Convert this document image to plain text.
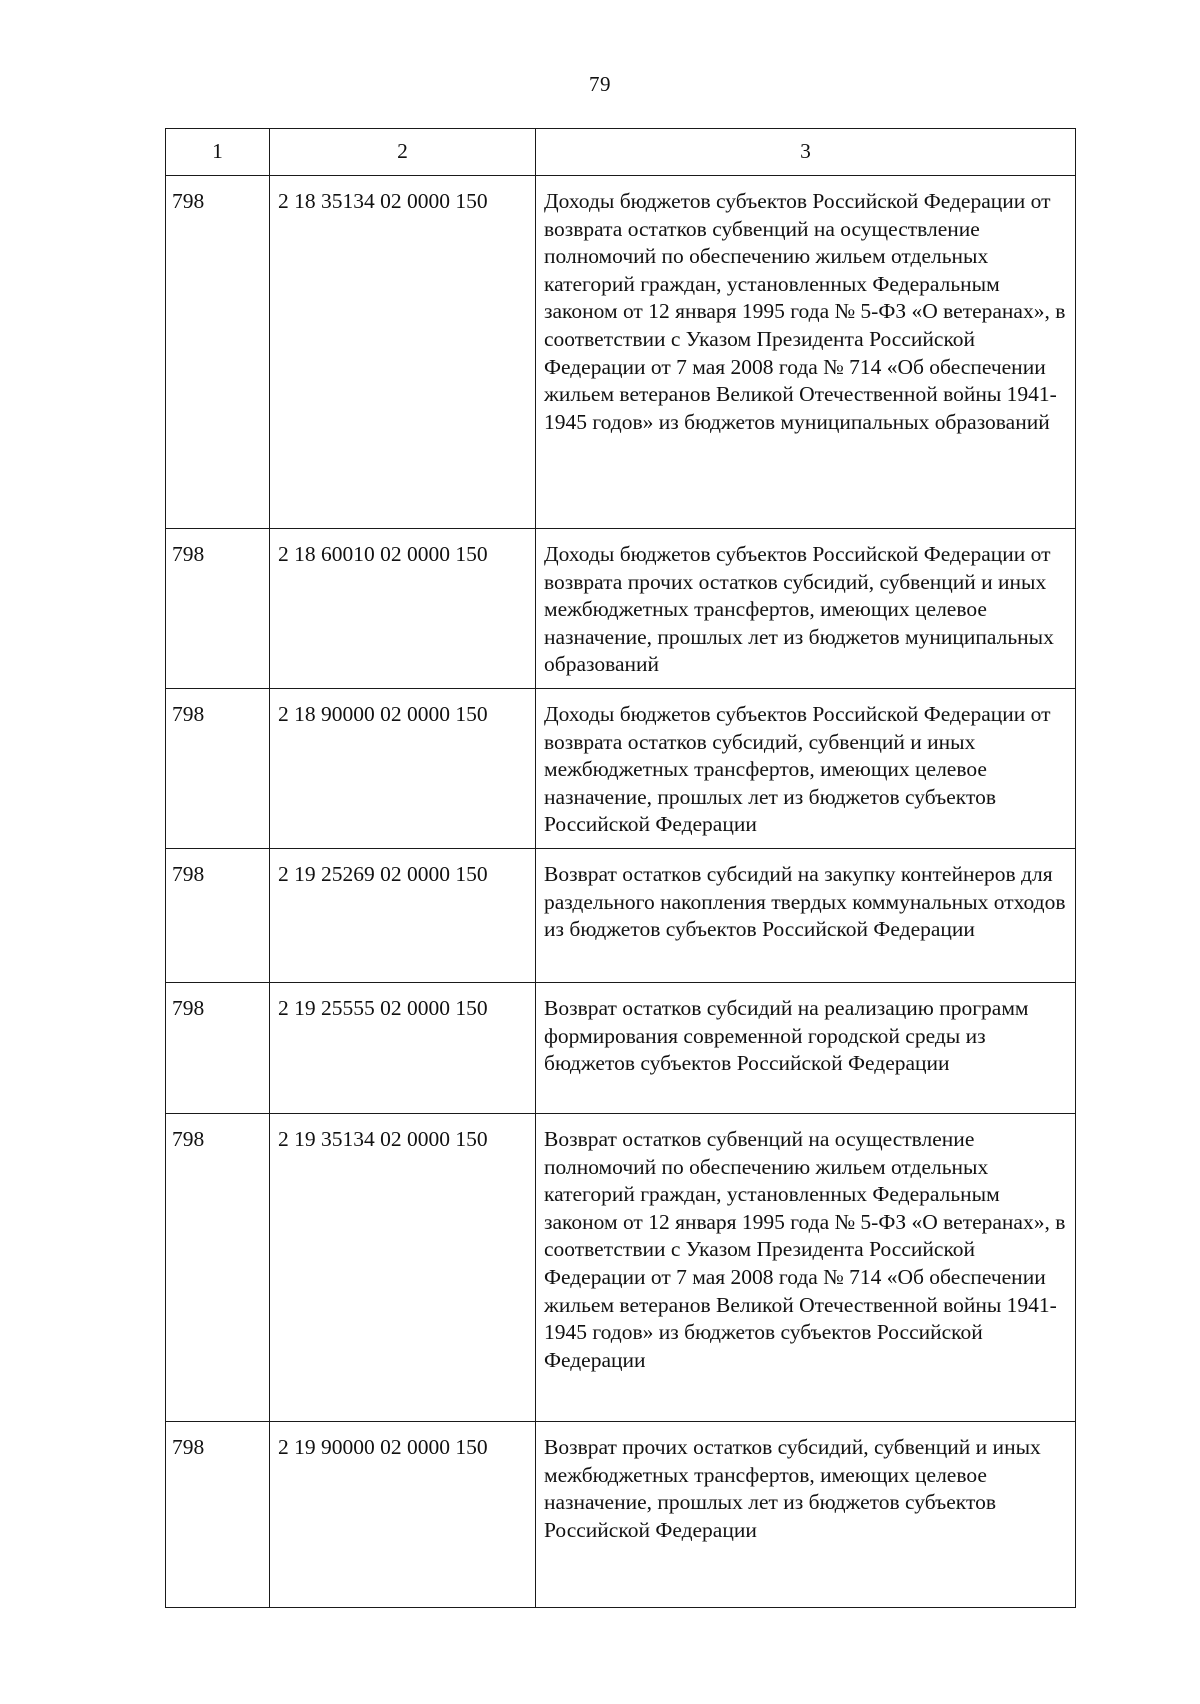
79
1	2	3
798	2 18 35134 02 0000 150	Доходы бюджетов субъектов Российской Федерации от возврата остатков субвенций на осуществление полномочий по обеспечению жильем отдельных категорий граждан, установленных Федеральным законом от 12 января 1995 года № 5-ФЗ «О ветеранах», в соответствии с Указом Президента Российской Федерации от 7 мая 2008 года № 714 «Об обеспечении жильем ветеранов Великой Отечественной войны 1941-1945 годов» из бюджетов муниципальных образований
798	2 18 60010 02 0000 150	Доходы бюджетов субъектов Российской Федерации от возврата прочих остатков субсидий, субвенций и иных межбюджетных трансфертов, имеющих целевое назначение, прошлых лет из бюджетов муниципальных образований
798	2 18 90000 02 0000 150	Доходы бюджетов субъектов Российской Федерации от возврата остатков субсидий, субвенций и иных межбюджетных трансфертов, имеющих целевое назначение, прошлых лет из бюджетов субъектов Российской Федерации
798	2 19 25269 02 0000 150	Возврат остатков субсидий на закупку контейнеров для раздельного накопления твердых коммунальных отходов из бюджетов субъектов Российской Федерации
798	2 19 25555 02 0000 150	Возврат остатков субсидий на реализацию программ формирования современной городской среды из бюджетов субъектов Российской Федерации
798	2 19 35134 02 0000 150	Возврат остатков субвенций на осуществление полномочий по обеспечению жильем отдельных категорий граждан, установленных Федеральным законом от 12 января 1995 года № 5-ФЗ «О ветеранах», в соответствии с Указом Президента Российской Федерации от 7 мая 2008 года № 714 «Об обеспечении жильем ветеранов Великой Отечественной войны 1941-1945 годов» из бюджетов субъектов Российской Федерации
798	2 19 90000 02 0000 150	Возврат прочих остатков субсидий, субвенций и иных межбюджетных трансфертов, имеющих целевое назначение, прошлых лет из бюджетов субъектов Российской Федерации
